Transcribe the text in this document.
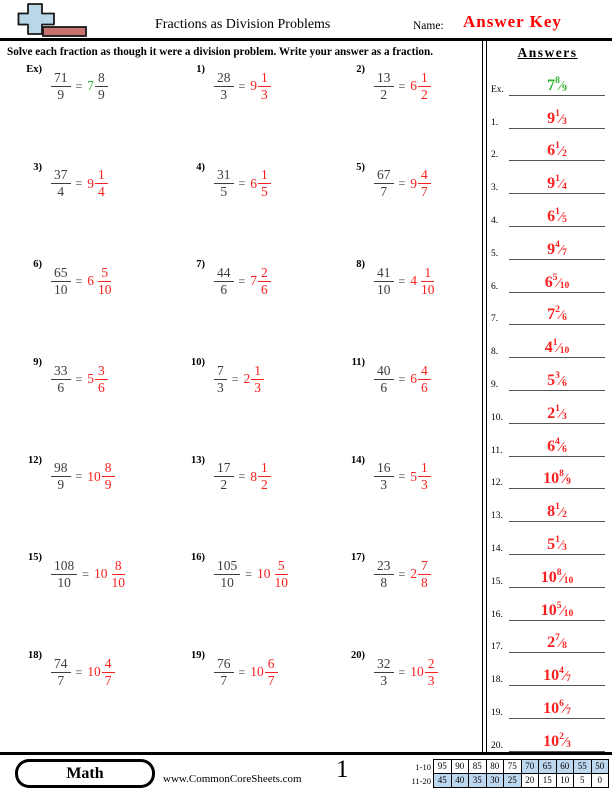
Fractions as Division Problems	Name: Answer Key
Solve each fraction as though it were a division problem. Write your answer as a fraction.
Ex)
$\frac{71}{9} = 7 \frac{8}{9}$
1)
$\frac{28}{3} = 9 \frac{1}{3}$
2)
$\frac{13}{2} = 6 \frac{1}{2}$
3)
$\frac{37}{4} = 9 \frac{1}{4}$
4)
$\frac{31}{5} = 6 \frac{1}{5}$
5)
$\frac{67}{7} = 9 \frac{4}{7}$
6)
$\frac{65}{10} = 6 \frac{5}{10}$
7)
$\frac{44}{6} = 7 \frac{2}{6}$
8)
$\frac{41}{10} = 4 \frac{1}{10}$
9)
$\frac{33}{6} = 5 \frac{3}{6}$
10)
$\frac{7}{3} = 2 \frac{1}{3}$
11)
$\frac{40}{6} = 6 \frac{4}{6}$
12)
$\frac{98}{9} = 10 \frac{8}{9}$
13)
$\frac{17}{2} = 8 \frac{1}{2}$
14)
$\frac{16}{3} = 5 \frac{1}{3}$
15)
$\frac{108}{10} = 10 \frac{8}{10}$
16)
$\frac{105}{10} = 10 \frac{5}{10}$
17)
$\frac{23}{8} = 2 \frac{7}{8}$
18)
$\frac{74}{7} = 10 \frac{4}{7}$
19)
$\frac{76}{7} = 10 \frac{6}{7}$
20)
$\frac{32}{3} = 10 \frac{2}{3}$
Answers
Ex.	$7^8⁄$ 9
1.	$9^1⁄$ 3
2.	$6^1⁄$ 2
3.	$9^1⁄$ 4
4.	$6^1⁄$ 5
5.	$9^4⁄$ 7
6.	$6^5⁄$ 10
7.	$7^2⁄$ 6
8.	$4^1⁄$ 10
9.	$5^3⁄$ 6
10.	$2^1⁄$ 3
11.	$6^4⁄$ 6
12.	$10^8⁄$ 9
13.	$8^1⁄$ 2
14.	$5^1⁄$ 3
15.	$10^8⁄$ 10
16.	$10^5⁄$ 10
17.	$2^7⁄$ 8
18.	$10^4⁄$ 7
19.	$10^6⁄$ 7
20.	$10^2⁄$ 3
Math	www.CommonCoreSheets.com 1	1-10 95 90 85 80 75 70 65 60 55 50
11-20 45 40 35 30 25 20 15 10	5	0
